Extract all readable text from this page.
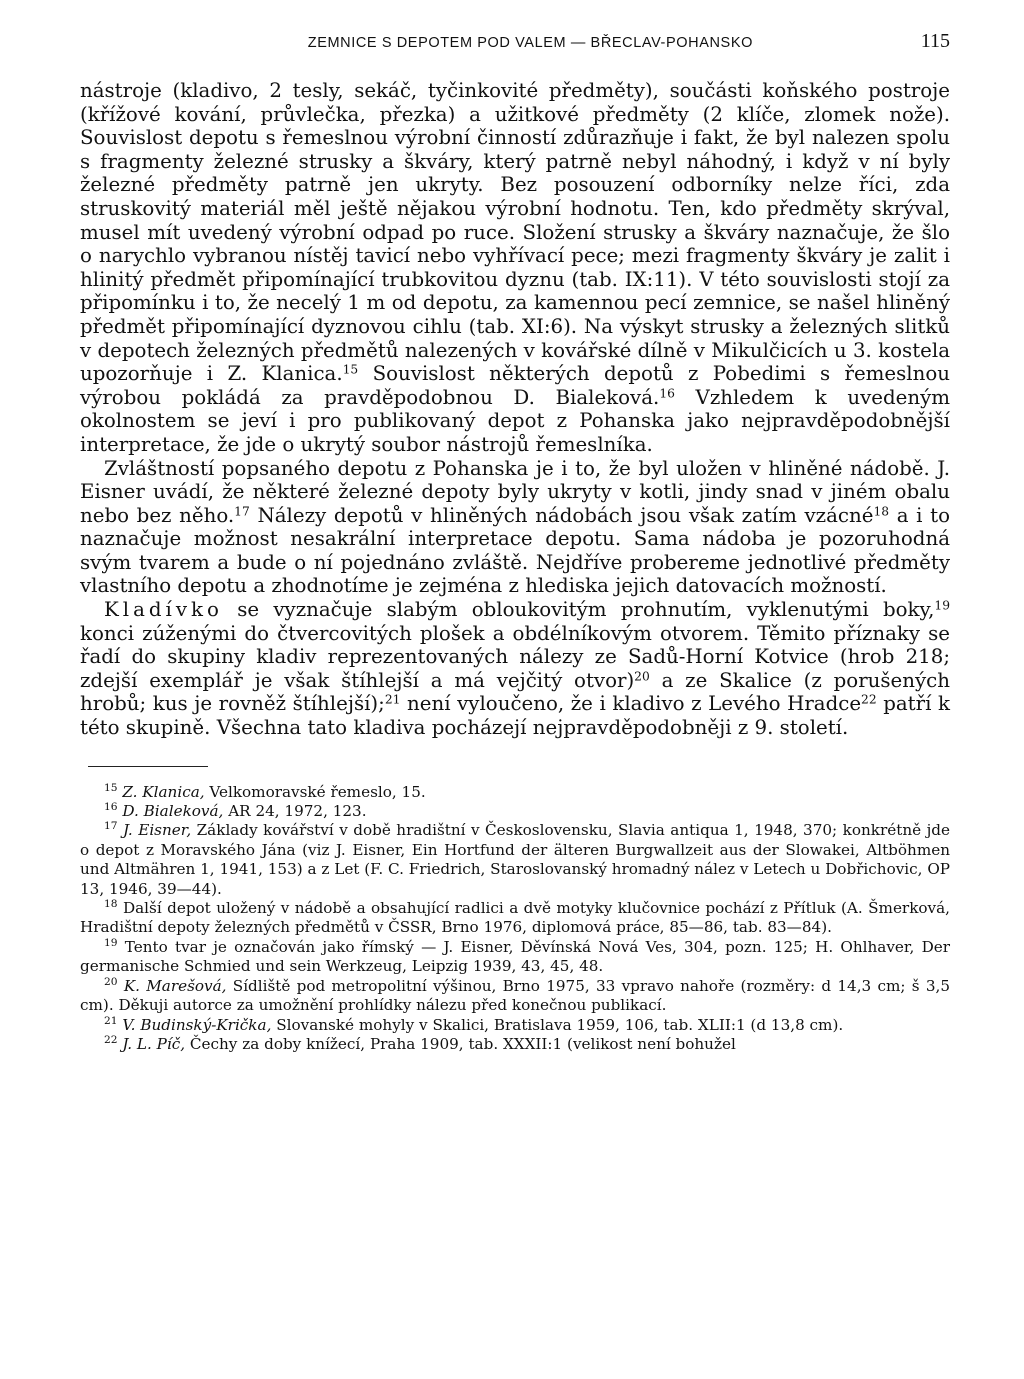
ZEMNICE S DEPOTEM POD VALEM — BŘECLAV-POHANSKO	115

nástroje (kladivo, 2 tesly, sekáč, tyčinkovité předměty), součásti koňského postroje (křížové kování, průvlečka, přezka) a užitkové předměty (2 klíče, zlomek nože). Souvislost depotu s řemeslnou výrobní činností zdůrazňuje i fakt, že byl nalezen spolu s fragmenty železné strusky a škváry, který patrně nebyl náhodný, i když v ní byly železné předměty patrně jen ukryty. Bez posouzení odborníky nelze říci, zda struskovitý materiál měl ještě nějakou výrobní hodnotu. Ten, kdo předměty skrýval, musel mít uvedený výrobní odpad po ruce. Složení strusky a škváry naznačuje, že šlo o narychlo vybranou nístěj tavicí nebo vyhřívací pece; mezi fragmenty škváry je zalit i hlinitý předmět připomínající trubkovitou dyznu (tab. IX:11). V této souvislosti stojí za připomínku i to, že necelý 1 m od depotu, za kamennou pecí zemnice, se našel hliněný předmět připomínající dyznovou cihlu (tab. XI:6). Na výskyt strusky a železných slitků v depotech železných předmětů nalezených v kovářské dílně v Mikulčicích u 3. kostela upozorňuje i Z. Klanica.$^{15}$ Souvislost některých depotů z Pobedimi s řemeslnou výrobou pokládá za pravděpodobnou D. Bialeková.$^{16}$ Vzhledem k uvedeným okolnostem se jeví i pro publikovaný depot z Pohanska jako nejpravděpodobnější interpretace, že jde o ukrytý soubor nástrojů řemeslníka.

Zvláštností popsaného depotu z Pohanska je i to, že byl uložen v hliněné nádobě. J. Eisner uvádí, že některé železné depoty byly ukryty v kotli, jindy snad v jiném obalu nebo bez něho.$^{17}$ Nálezy depotů v hliněných nádobách jsou však zatím vzácné$^{18}$ a i to naznačuje možnost nesakrální interpretace depotu. Sama nádoba je pozoruhodná svým tvarem a bude o ní pojednáno zvláště. Nejdříve probereme jednotlivé předměty vlastního depotu a zhodnotíme je zejména z hlediska jejich datovacích možností.

Kladívko se vyznačuje slabým obloukovitým prohnutím, vyklenutými boky,$^{19}$ konci zúženými do čtvercovitých plošek a obdélníkovým otvorem. Těmito příznaky se řadí do skupiny kladiv reprezentovaných nálezy ze Sadů-Horní Kotvice (hrob 218; zdejší exemplář je však štíhlejší a má vejčitý otvor)$^{20}$ a ze Skalice (z porušených hrobů; kus je rovněž štíhlejší);$^{21}$ není vyloučeno, že i kladivo z Levého Hradce$^{22}$ patří k této skupině. Všechna tato kladiva pocházejí nejpravděpodobněji z 9. století.

$^{15}$ Z. Klanica, Velkomoravské řemeslo, 15.

$^{16}$ D. Bialeková, AR 24, 1972, 123.

$^{17}$ J. Eisner, Základy kovářství v době hradištní v Československu, Slavia antiqua 1, 1948, 370; konkrétně jde o depot z Moravského Jána (viz J. Eisner, Ein Hortfund der älteren Burgwallzeit aus der Slowakei, Altböhmen und Altmähren 1, 1941, 153) a z Let (F. C. Friedrich, Staroslovanský hromadný nález v Letech u Dobřichovic, OP 13, 1946, 39—44).

$^{18}$ Další depot uložený v nádobě a obsahující radlici a dvě motyky klučovnice pochází z Přítluk (A. Šmerková, Hradištní depoty železných předmětů v ČSSR, Brno 1976, diplomová práce, 85—86, tab. 83—84).

$^{19}$ Tento tvar je označován jako římský — J. Eisner, Děvínská Nová Ves, 304, pozn. 125; H. Ohlhaver, Der germanische Schmied und sein Werkzeug, Leipzig 1939, 43, 45, 48.

$^{20}$ K. Marešová, Sídliště pod metropolitní výšinou, Brno 1975, 33 vpravo nahoře (rozměry: d 14,3 cm; š 3,5 cm). Děkuji autorce za umožnění prohlídky nálezu před konečnou publikací.

$^{21}$ V. Budinský-Krička, Slovanské mohyly v Skalici, Bratislava 1959, 106, tab. XLII:1 (d 13,8 cm).

$^{22}$ J. L. Píč, Čechy za doby knížecí, Praha 1909, tab. XXXII:1 (velikost není bohužel
